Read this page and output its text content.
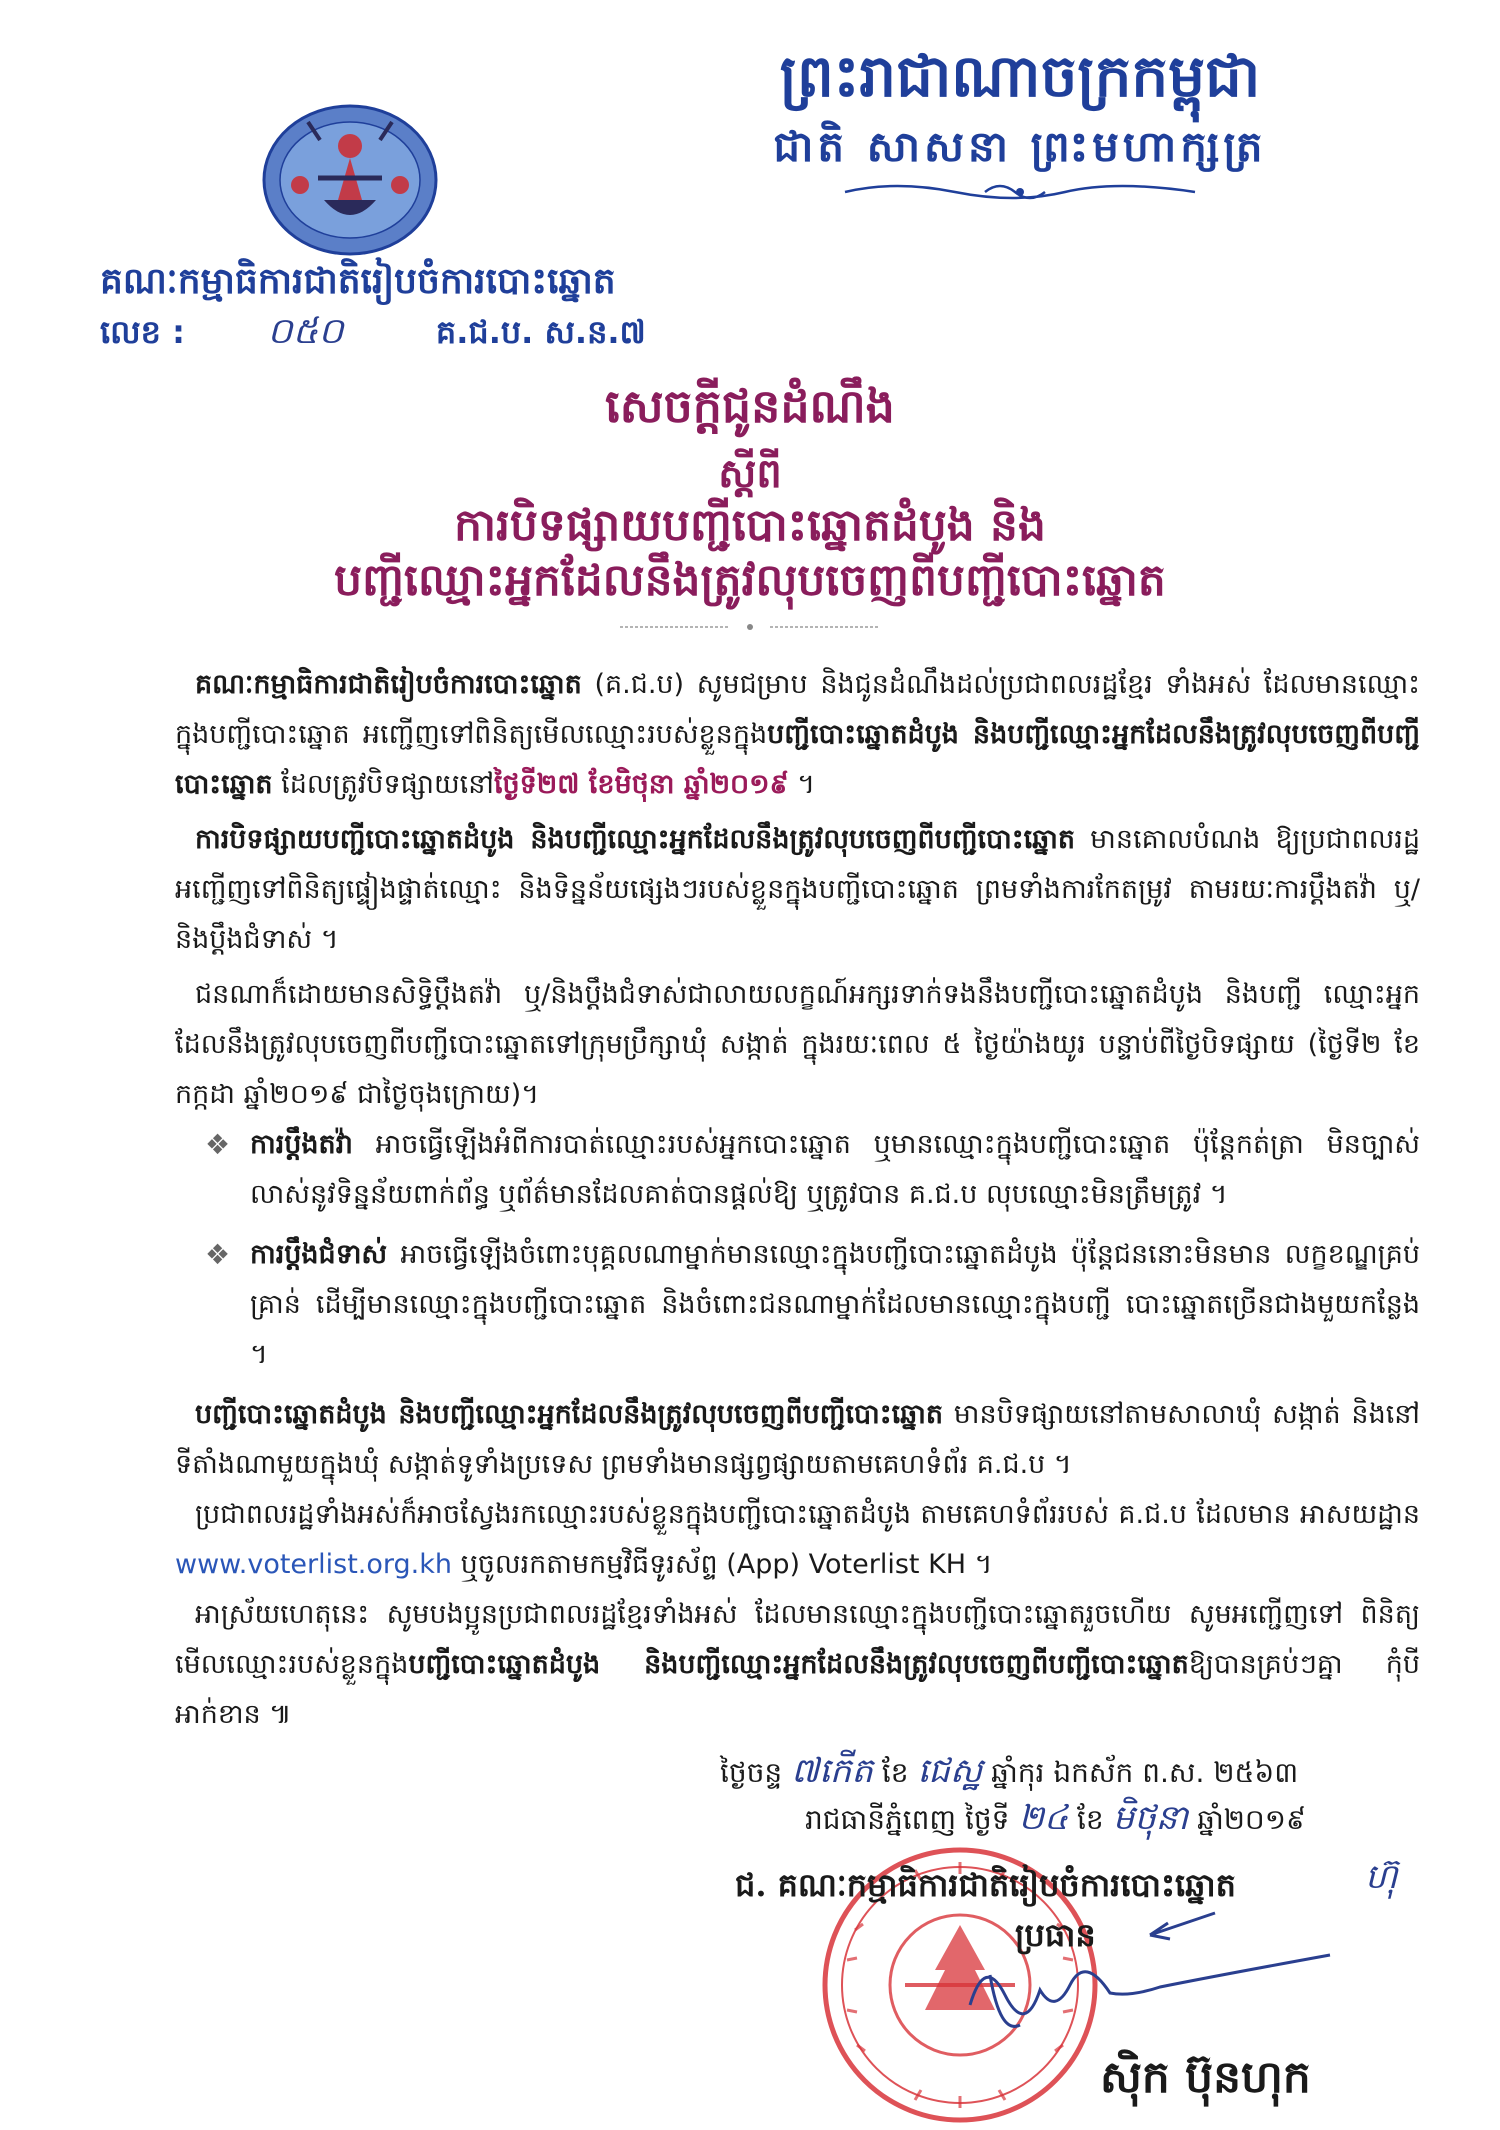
ព្រះរាជាណាចក្រកម្ពុជា
ជាតិ សាសនា ព្រះមហាក្សត្រ
គណៈកម្មាធិការជាតិរៀបចំការបោះឆ្នោត
លេខ : ០៥០	គ.ជ.ប. ស.ន.៧
សេចក្តីជូនដំណឹង
ស្តីពី
ការបិទផ្សាយបញ្ជីបោះឆ្នោតដំបូង និង
បញ្ជីឈ្មោះអ្នកដែលនឹងត្រូវលុបចេញពីបញ្ជីបោះឆ្នោត

គណៈកម្មាធិការជាតិរៀបចំការបោះឆ្នោត (គ.ជ.ប) សូមជម្រាប និងជូនដំណឹងដល់ប្រជាពលរដ្ឋខ្មែរ ទាំងអស់ ដែលមានឈ្មោះក្នុងបញ្ជីបោះឆ្នោត អញ្ជើញទៅពិនិត្យមើលឈ្មោះរបស់ខ្លួនក្នុងបញ្ជីបោះឆ្នោតដំបូង និងបញ្ជីឈ្មោះអ្នកដែលនឹងត្រូវលុបចេញពីបញ្ជីបោះឆ្នោត ដែលត្រូវបិទផ្សាយនៅថ្ងៃទី២៧ ខែមិថុនា ឆ្នាំ២០១៩ ។

ការបិទផ្សាយបញ្ជីបោះឆ្នោតដំបូង និងបញ្ជីឈ្មោះអ្នកដែលនឹងត្រូវលុបចេញពីបញ្ជីបោះឆ្នោត មានគោលបំណង ឱ្យប្រជាពលរដ្ឋអញ្ជើញទៅពិនិត្យផ្ទៀងផ្ទាត់ឈ្មោះ និងទិន្នន័យផ្សេងៗរបស់ខ្លួនក្នុងបញ្ជីបោះឆ្នោត ព្រមទាំងការកែតម្រូវ តាមរយៈការប្តឹងតវ៉ា ឬ/និងប្តឹងជំទាស់ ។

ជនណាក៏ដោយមានសិទ្ធិប្តឹងតវ៉ា ឬ/និងប្តឹងជំទាស់ជាលាយលក្ខណ៍អក្សរទាក់ទងនឹងបញ្ជីបោះឆ្នោតដំបូង និងបញ្ជី ឈ្មោះអ្នកដែលនឹងត្រូវលុបចេញពីបញ្ជីបោះឆ្នោតទៅក្រុមប្រឹក្សាឃុំ សង្កាត់ ក្នុងរយៈពេល ៥ ថ្ងៃយ៉ាងយូរ បន្ទាប់ពីថ្ងៃបិទផ្សាយ (ថ្ងៃទី២ ខែកក្កដា ឆ្នាំ២០១៩ ជាថ្ងៃចុងក្រោយ)។

❖ ការប្តឹងតវ៉ា អាចធ្វើឡើងអំពីការបាត់ឈ្មោះរបស់អ្នកបោះឆ្នោត ឬមានឈ្មោះក្នុងបញ្ជីបោះឆ្នោត ប៉ុន្តែកត់ត្រា មិនច្បាស់លាស់នូវទិន្នន័យពាក់ព័ន្ធ ឬព័ត៌មានដែលគាត់បានផ្តល់ឱ្យ ឬត្រូវបាន គ.ជ.ប លុបឈ្មោះមិនត្រឹមត្រូវ ។

❖ ការប្តឹងជំទាស់ អាចធ្វើឡើងចំពោះបុគ្គលណាម្នាក់មានឈ្មោះក្នុងបញ្ជីបោះឆ្នោតដំបូង ប៉ុន្តែជននោះមិនមាន លក្ខខណ្ឌគ្រប់គ្រាន់ ដើម្បីមានឈ្មោះក្នុងបញ្ជីបោះឆ្នោត និងចំពោះជនណាម្នាក់ដែលមានឈ្មោះក្នុងបញ្ជី បោះឆ្នោតច្រើនជាងមួយកន្លែង ។

បញ្ជីបោះឆ្នោតដំបូង និងបញ្ជីឈ្មោះអ្នកដែលនឹងត្រូវលុបចេញពីបញ្ជីបោះឆ្នោត មានបិទផ្សាយនៅតាមសាលាឃុំ សង្កាត់ និងនៅទីតាំងណាមួយក្នុងឃុំ សង្កាត់ទូទាំងប្រទេស ព្រមទាំងមានផ្សព្វផ្សាយតាមគេហទំព័រ គ.ជ.ប ។

ប្រជាពលរដ្ឋទាំងអស់ក៏អាចស្វែងរកឈ្មោះរបស់ខ្លួនក្នុងបញ្ជីបោះឆ្នោតដំបូង តាមគេហទំព័ររបស់ គ.ជ.ប ដែលមាន អាសយដ្ឋាន www.voterlist.org.kh ឬចូលរកតាមកម្មវិធីទូរស័ព្ទ (App) Voterlist KH ។

អាស្រ័យហេតុនេះ សូមបងប្អូនប្រជាពលរដ្ឋខ្មែរទាំងអស់ ដែលមានឈ្មោះក្នុងបញ្ជីបោះឆ្នោតរួចហើយ សូមអញ្ជើញទៅ ពិនិត្យមើលឈ្មោះរបស់ខ្លួនក្នុងបញ្ជីបោះឆ្នោតដំបូង និងបញ្ជីឈ្មោះអ្នកដែលនឹងត្រូវលុបចេញពីបញ្ជីបោះឆ្នោតឱ្យបានគ្រប់ៗគ្នា កុំបីអាក់ខាន ៕

ថ្ងៃចន្ទ ៧កើត ខែ ជេស្ឋ ឆ្នាំកុរ ឯកស័ក ព.ស. ២៥៦៣
រាជធានីភ្នំពេញ ថ្ងៃទី ២៤ ខែ មិថុនា ឆ្នាំ២០១៩
ជ. គណៈកម្មាធិការជាតិរៀបចំការបោះឆ្នោត	ហ៊ុ
ប្រធាន
ស៊ិក ប៊ុនហុក
